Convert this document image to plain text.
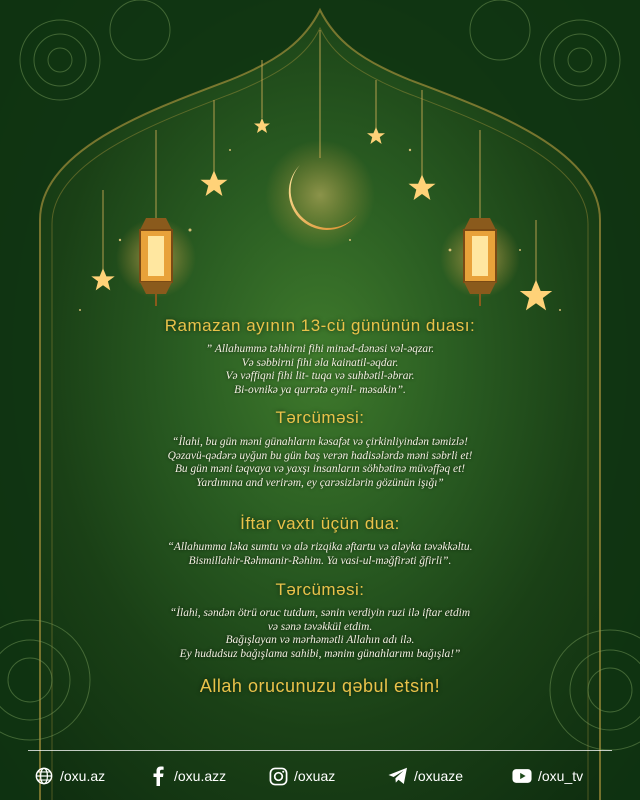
Ramazan ayının 13-cü gününün duası:
” Allahummə təhhirni fihi minəd-dənəsi vəl-əqzar.
Və səbbirni fihi əla kainatil-əqdar.
Və vəffiqni fihi lit- tuqa və suhbətil-əbrar.
Bi-ovnikə ya qurrətə eynil- məsakin”.
Tərcüməsi:
“İlahi, bu gün məni günahların kəsafət və çirkinliyindən təmizlə!
Qəzavü-qədərə uyğun bu gün baş verən hadisələrdə məni səbrli et!
Bu gün məni təqvaya və yaxşı insanların söhbətinə müvəffəq et!
Yardımına and verirəm, ey çarəsizlərin gözünün işığı”
İftar vaxtı üçün dua:
“Allahumma ləka sumtu və alə rizqika əftartu və aləyka təvəkkəltu.
Bismillahir-Rəhmanir-Rəhim. Ya vasi-ul-məğfirəti ğfirli”.
Tərcüməsi:
“İlahi, səndən ötrü oruc tutdum, sənin verdiyin ruzi ilə iftar etdim
və sənə təvəkkül etdim.
Bağışlayan və mərhəmətli Allahın adı ilə.
Ey hududsuz bağışlama sahibi, mənim günahlarımı bağışla!”
Allah orucunuzu qəbul etsin!
/oxu.az	/oxu.azz	/oxuaz	/oxuaze	/oxu_tv
